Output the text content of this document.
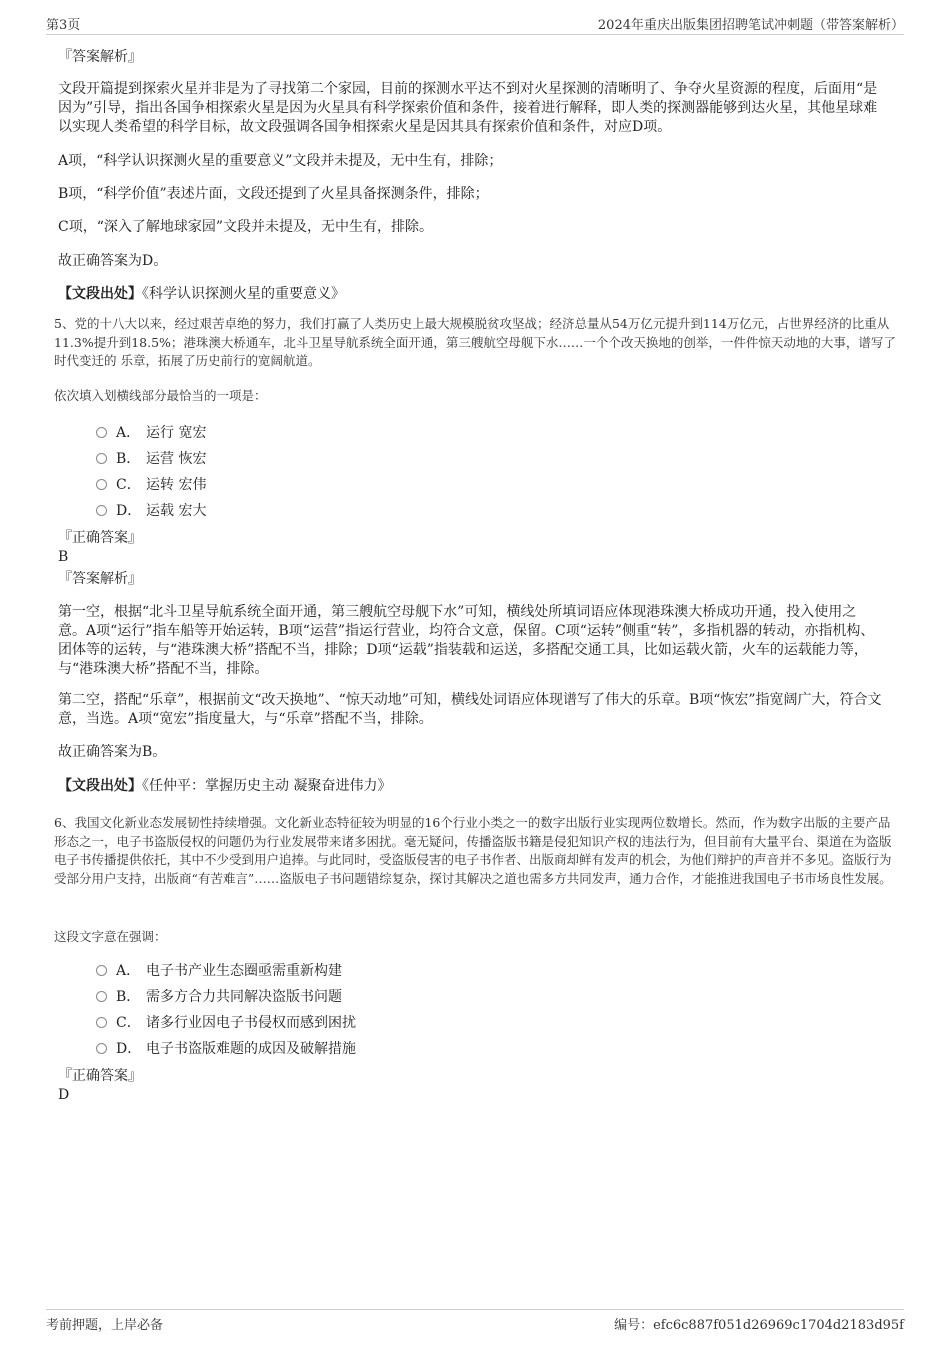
第3页	2024年重庆出版集团招聘笔试冲刺题（带答案解析）

『答案解析』

文段开篇提到探索火星并非是为了寻找第二个家园，目前的探测水平达不到对火星探测的清晰明了、争夺火星资源的程度，后面用“是因为”引导，指出各国争相探索火星是因为火星具有科学探索价值和条件，接着进行解释，即人类的探测器能够到达火星，其他星球难以实现人类希望的科学目标，故文段强调各国争相探索火星是因其具有探索价值和条件，对应D项。

A项，“科学认识探测火星的重要意义”文段并未提及，无中生有，排除；

B项，“科学价值”表述片面，文段还提到了火星具备探测条件，排除；

C项，“深入了解地球家园”文段并未提及，无中生有，排除。

故正确答案为D。

【文段出处】《科学认识探测火星的重要意义》

5、党的十八大以来，经过艰苦卓绝的努力，我们打赢了人类历史上最大规模脱贫攻坚战；经济总量从54万亿元提升到114万亿元，占世界经济的比重从11.3%提升到18.5%；港珠澳大桥通车，北斗卫星导航系统全面开通，第三艘航空母舰下水……一个个改天换地的创举，一件件惊天动地的大事，谱写了时代变迁的 乐章，拓展了历史前行的宽阔航道。

依次填入划横线部分最恰当的一项是：

A． 运行 宽宏
B． 运营 恢宏
C． 运转 宏伟
D． 运载 宏大

『正确答案』

B

『答案解析』

第一空，根据“北斗卫星导航系统全面开通，第三艘航空母舰下水”可知，横线处所填词语应体现港珠澳大桥成功开通，投入使用之意。A项“运行”指车船等开始运转，B项“运营”指运行营业，均符合文意，保留。C项“运转”侧重“转”，多指机器的转动，亦指机构、团体等的运转，与“港珠澳大桥”搭配不当，排除；D项“运载”指装载和运送，多搭配交通工具，比如运载火箭，火车的运载能力等，与“港珠澳大桥”搭配不当，排除。

第二空，搭配“乐章”，根据前文“改天换地”、“惊天动地”可知，横线处词语应体现谱写了伟大的乐章。B项“恢宏”指宽阔广大，符合文意，当选。A项“宽宏”指度量大，与“乐章”搭配不当，排除。

故正确答案为B。

【文段出处】《任仲平：掌握历史主动 凝聚奋进伟力》

6、我国文化新业态发展韧性持续增强。文化新业态特征较为明显的16个行业小类之一的数字出版行业实现两位数增长。然而，作为数字出版的主要产品形态之一，电子书盗版侵权的问题仍为行业发展带来诸多困扰。毫无疑问，传播盗版书籍是侵犯知识产权的违法行为，但目前有大量平台、渠道在为盗版电子书传播提供依托，其中不少受到用户追捧。与此同时，受盗版侵害的电子书作者、出版商却鲜有发声的机会，为他们辩护的声音并不多见。盗版行为受部分用户支持，出版商“有苦难言”……盗版电子书问题错综复杂，探讨其解决之道也需多方共同发声，通力合作，才能推进我国电子书市场良性发展。

这段文字意在强调：

A． 电子书产业生态圈亟需重新构建
B． 需多方合力共同解决盗版书问题
C． 诸多行业因电子书侵权而感到困扰
D． 电子书盗版难题的成因及破解措施

『正确答案』

D

考前押题，上岸必备	编号：efc6c887f051d26969c1704d2183d95f
